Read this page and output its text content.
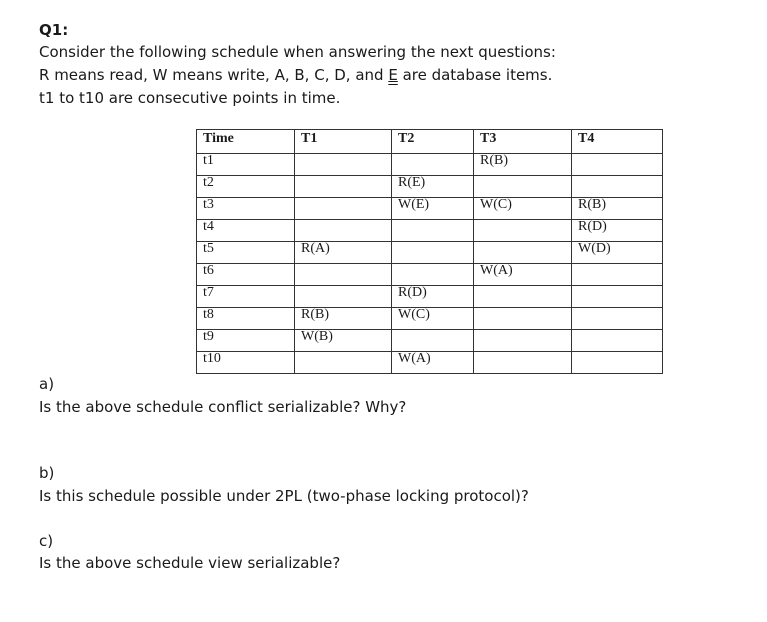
Q1:

Consider the following schedule when answering the next questions:

R means read, W means write, A, B, C, D, and E are database items.

t1 to t10 are consecutive points in time.

Time	T1	T2	T3	T4
t1			R(B)	

t2		R(E)		

t3		W(E)	W(C)	R(B)

t4				R(D)

t5	R(A)			W(D)

t6			W(A)	

t7		R(D)		

t8	R(B)	W(C)		

t9	W(B)			

t10		W(A)		

a)

Is the above schedule conflict serializable? Why?

b)

Is this schedule possible under 2PL (two-phase locking protocol)?

c)

Is the above schedule view serializable?
